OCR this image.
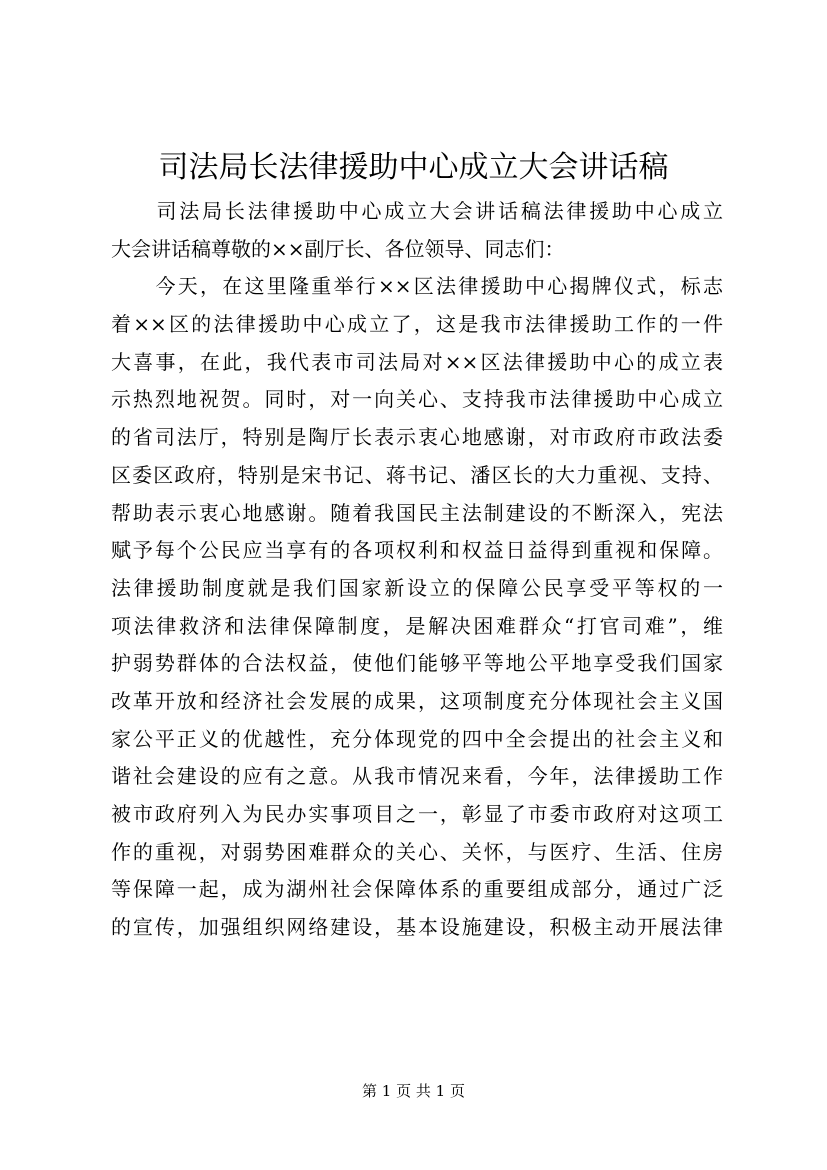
司法局长法律援助中心成立大会讲话稿
　　司法局长法律援助中心成立大会讲话稿法律援助中心成立
大会讲话稿尊敬的××副厅长、各位领导、同志们：
　　今天，在这里隆重举行××区法律援助中心揭牌仪式，标志
着××区的法律援助中心成立了，这是我市法律援助工作的一件
大喜事，在此，我代表市司法局对××区法律援助中心的成立表
示热烈地祝贺。同时，对一向关心、支持我市法律援助中心成立
的省司法厅，特别是陶厅长表示衷心地感谢，对市政府市政法委
区委区政府，特别是宋书记、蒋书记、潘区长的大力重视、支持、
帮助表示衷心地感谢。随着我国民主法制建设的不断深入，宪法
赋予每个公民应当享有的各项权利和权益日益得到重视和保障。
法律援助制度就是我们国家新设立的保障公民享受平等权的一
项法律救济和法律保障制度，是解决困难群众“打官司难”，维
护弱势群体的合法权益，使他们能够平等地公平地享受我们国家
改革开放和经济社会发展的成果，这项制度充分体现社会主义国
家公平正义的优越性，充分体现党的四中全会提出的社会主义和
谐社会建设的应有之意。从我市情况来看，今年，法律援助工作
被市政府列入为民办实事项目之一，彰显了市委市政府对这项工
作的重视，对弱势困难群众的关心、关怀，与医疗、生活、住房
等保障一起，成为湖州社会保障体系的重要组成部分，通过广泛
的宣传，加强组织网络建设，基本设施建设，积极主动开展法律
第 1 页 共 1 页
